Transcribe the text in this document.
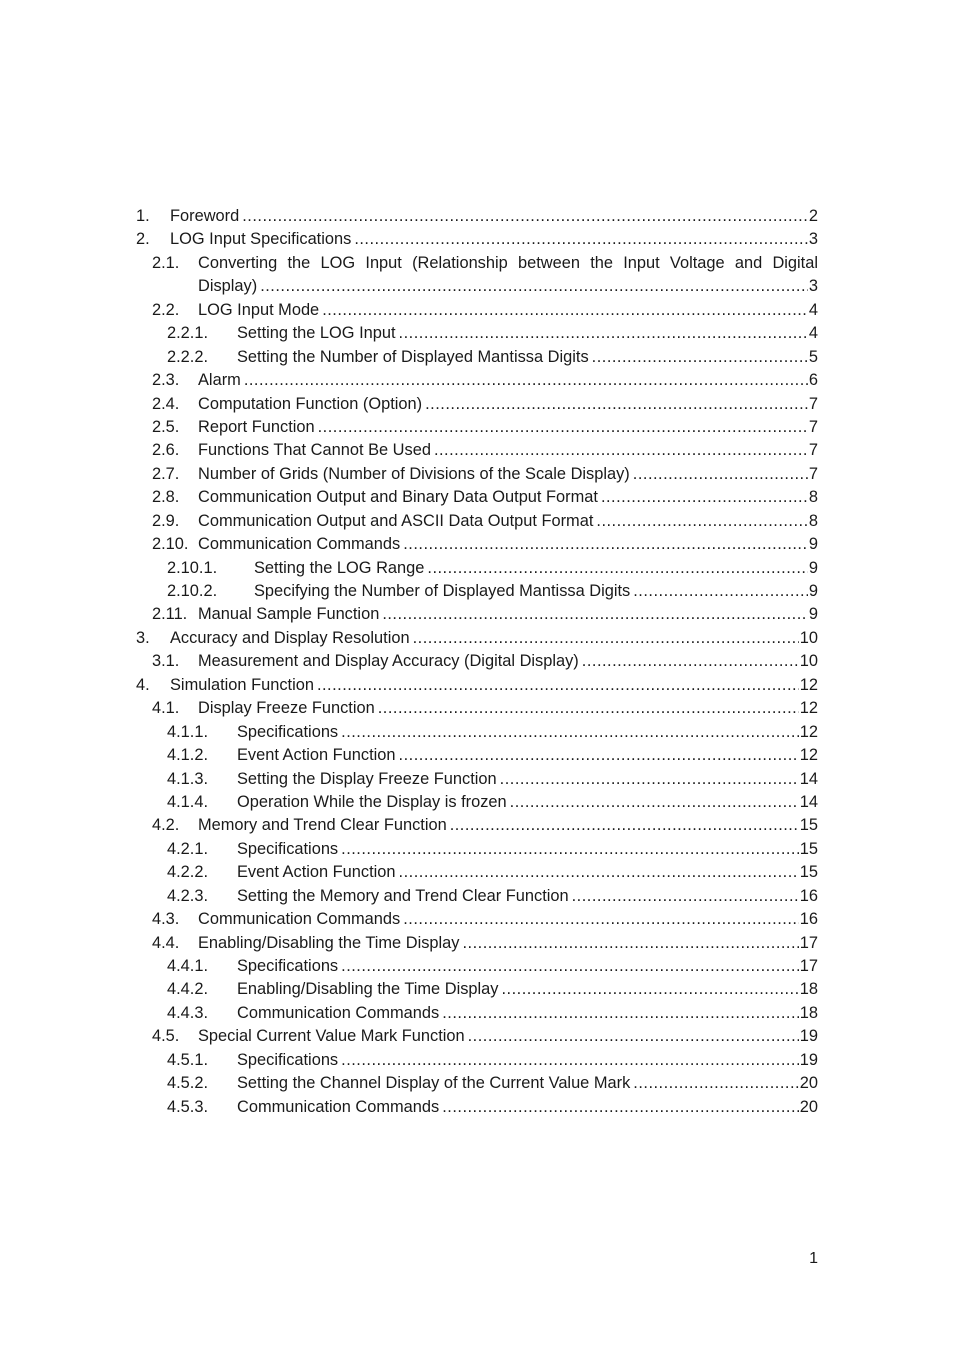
1. Foreword .....	2
2. LOG Input Specifications .....	3
2.1. Converting the LOG Input (Relationship between the Input Voltage and Digital
Display) .....	3
2.2. LOG Input Mode .....	4
2.2.1. Setting the LOG Input .....	4
2.2.2. Setting the Number of Displayed Mantissa Digits .....	5
2.3. Alarm .....	6
2.4. Computation Function (Option) .....	7
2.5. Report Function .....	7
2.6. Functions That Cannot Be Used .....	7
2.7. Number of Grids (Number of Divisions of the Scale Display) .....	7
2.8. Communication Output and Binary Data Output Format .....	8
2.9. Communication Output and ASCII Data Output Format .....	8
2.10. Communication Commands .....	9
2.10.1. Setting the LOG Range .....	9
2.10.2. Specifying the Number of Displayed Mantissa Digits .....	9
2.11. Manual Sample Function .....	9
3. Accuracy and Display Resolution .....	10
3.1. Measurement and Display Accuracy (Digital Display) .....	10
4. Simulation Function .....	12
4.1. Display Freeze Function .....	12
4.1.1. Specifications .....	12
4.1.2. Event Action Function .....	12
4.1.3. Setting the Display Freeze Function .....	14
4.1.4. Operation While the Display is frozen .....	14
4.2. Memory and Trend Clear Function .....	15
4.2.1. Specifications .....	15
4.2.2. Event Action Function .....	15
4.2.3. Setting the Memory and Trend Clear Function .....	16
4.3. Communication Commands .....	16
4.4. Enabling/Disabling the Time Display .....	17
4.4.1. Specifications .....	17
4.4.2. Enabling/Disabling the Time Display .....	18
4.4.3. Communication Commands .....	18
4.5. Special Current Value Mark Function .....	19
4.5.1. Specifications .....	19
4.5.2. Setting the Channel Display of the Current Value Mark .....	20
4.5.3. Communication Commands .....	20
1
